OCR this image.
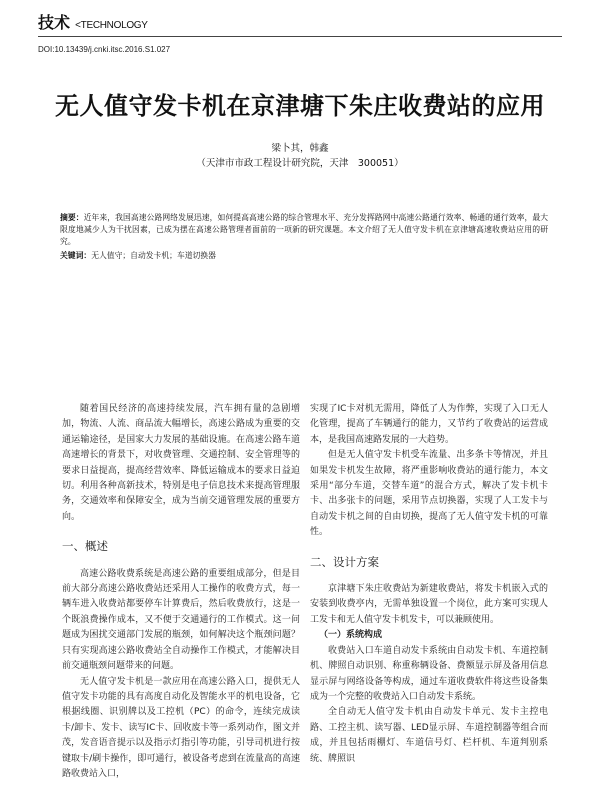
技术 <TECHNOLOGY
DOI:10.13439/j.cnki.itsc.2016.S1.027
无人值守发卡机在京津塘下朱庄收费站的应用
梁卜其，韩鑫
（天津市市政工程设计研究院，天津　300051）
摘要：近年来，我国高速公路网络发展迅速，如何提高高速公路的综合管理水平、充分发挥路网中高速公路通行效率、畅通的通行效率，最大限度地减少人为干扰因素，已成为摆在高速公路管理者面前的一项新的研究课题。本文介绍了无人值守发卡机在京津塘高速收费站应用的研究。
关键词：无人值守；自动发卡机；车道切换器

随着国民经济的高速持续发展，汽车拥有量的急剧增加，物流、人流、商品流大幅增长，高速公路成为重要的交通运输途径，是国家大力发展的基础设施。在高速公路车道高速增长的背景下，对收费管理、交通控制、安全管理等的要求日益提高，提高经营效率、降低运输成本的要求日益迫切。利用各种高新技术，特别是电子信息技术来提高管理服务，交通效率和保障安全，成为当前交通管理发展的重要方向。

一、概述

高速公路收费系统是高速公路的重要组成部分，但是目前大部分高速公路收费站还采用人工操作的收费方式，每一辆车进入收费站都要停车计算费后，然后收费放行，这是一个既浪费操作成本，又不便于交通通行的工作模式。这一问题成为困扰交通部门发展的瓶颈，如何解决这个瓶颈问题？只有实现高速公路收费站全自动操作工作模式，才能解决目前交通瓶颈问题带来的问题。

无人值守发卡机是一款应用在高速公路入口，提供无人值守发卡功能的具有高度自动化及智能水平的机电设备，它根据线圈、识别牌以及工控机（PC）的命令，连续完成读卡/卸卡、发卡、读写IC卡、回收废卡等一系列动作，图文并茂，发音语音提示以及指示灯指引等功能，引导司机进行按键取卡/刷卡操作，即可通行，被设备考虑到在流量高的高速路收费站入口，

实现了IC卡对机无需用，降低了人为作弊，实现了入口无人化管理，提高了车辆通行的能力，又节约了收费站的运营成本，是我国高速路发展的一大趋势。

但是无人值守发卡机受车流量、出多条卡等情况，并且如果发卡机发生故障，将严重影响收费站的通行能力，本文采用“部分车道，交替车道”的混合方式，解决了发卡机卡卡、出多张卡的问题，采用节点切换器，实现了人工发卡与自动发卡机之间的自由切换，提高了无人值守发卡机的可靠性。

二、设计方案

京津塘下朱庄收费站为新建收费站，将发卡机嵌入式的安装到收费亭内，无需单独设置一个岗位，此方案可实现人工发卡和无人值守发卡机发卡，可以兼顾使用。

（一）系统构成

收费站入口车道自动发卡系统由自动发卡机、车道控制机、牌照自动识别、称重称辆设备、费额显示屏及备用信息显示屏与网络设备等构成，通过车道收费软件将这些设备集成为一个完整的收费站入口自动发卡系统。

全自动无人值守发卡机由自动发卡单元、发卡主控电路、工控主机、读写器、LED显示屏、车道控制器等组合而成，并且包括雨棚灯、车道信号灯、栏杆机、车道判别系统、牌照识
